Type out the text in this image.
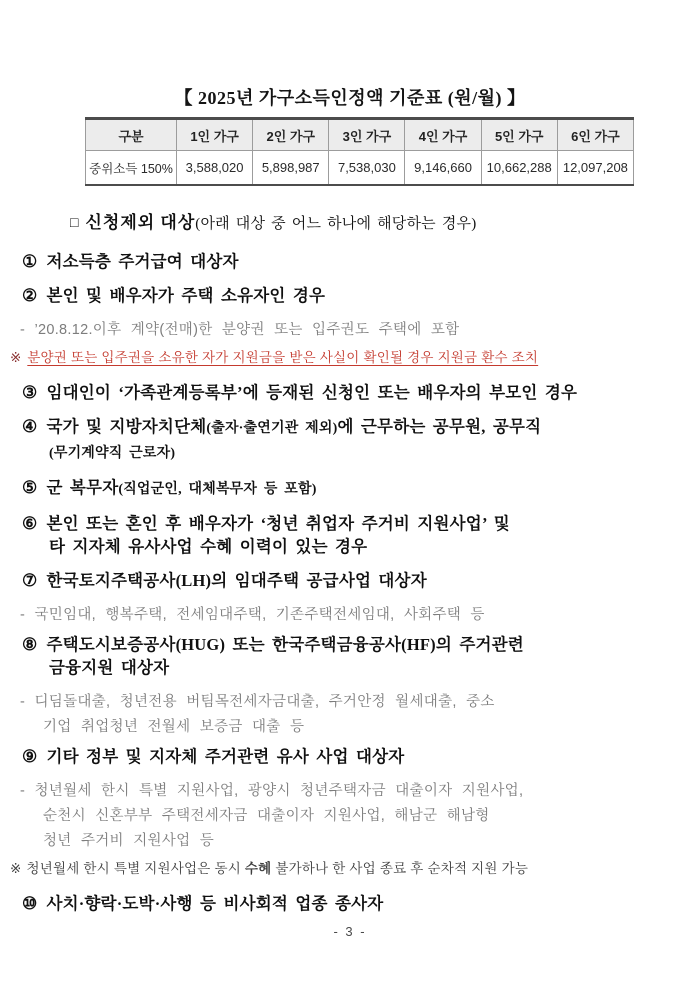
【 2025년 가구소득인정액 기준표 (원/월) 】
구분	1인 가구	2인 가구	3인 가구	4인 가구	5인 가구	6인 가구
중위소득 150%	3,588,020	5,898,987	7,538,030	9,146,660	10,662,288	12,097,208
□ 신청제외 대상(아래 대상 중 어느 하나에 해당하는 경우)
① 저소득층 주거급여 대상자
② 본인 및 배우자가 주택 소유자인 경우
- ’20.8.12.이후 계약(전매)한 분양권 또는 입주권도 주택에 포함
※ 분양권 또는 입주권을 소유한 자가 지원금을 받은 사실이 확인될 경우 지원금 환수 조치
③ 임대인이 ‘가족관계등록부’에 등재된 신청인 또는 배우자의 부모인 경우
④ 국가 및 지방자치단체(출자·출연기관 제외)에 근무하는 공무원, 공무직
(무기계약직 근로자)
⑤ 군 복무자(직업군인, 대체복무자 등 포함)
⑥ 본인 또는 혼인 후 배우자가 ‘청년 취업자 주거비 지원사업’ 및
타 지자체 유사사업 수혜 이력이 있는 경우
⑦ 한국토지주택공사(LH)의 임대주택 공급사업 대상자
- 국민임대, 행복주택, 전세임대주택, 기존주택전세임대, 사회주택 등
⑧ 주택도시보증공사(HUG) 또는 한국주택금융공사(HF)의 주거관련
금융지원 대상자
- 디딤돌대출, 청년전용 버팀목전세자금대출, 주거안정 월세대출, 중소
기업 취업청년 전월세 보증금 대출 등
⑨ 기타 정부 및 지자체 주거관련 유사 사업 대상자
- 청년월세 한시 특별 지원사업, 광양시 청년주택자금 대출이자 지원사업,
순천시 신혼부부 주택전세자금 대출이자 지원사업, 해남군 해남형
청년 주거비 지원사업 등
※ 청년월세 한시 특별 지원사업은 동시 수혜 불가하나 한 사업 종료 후 순차적 지원 가능
⑩ 사치·향락·도박·사행 등 비사회적 업종 종사자
- 3 -
